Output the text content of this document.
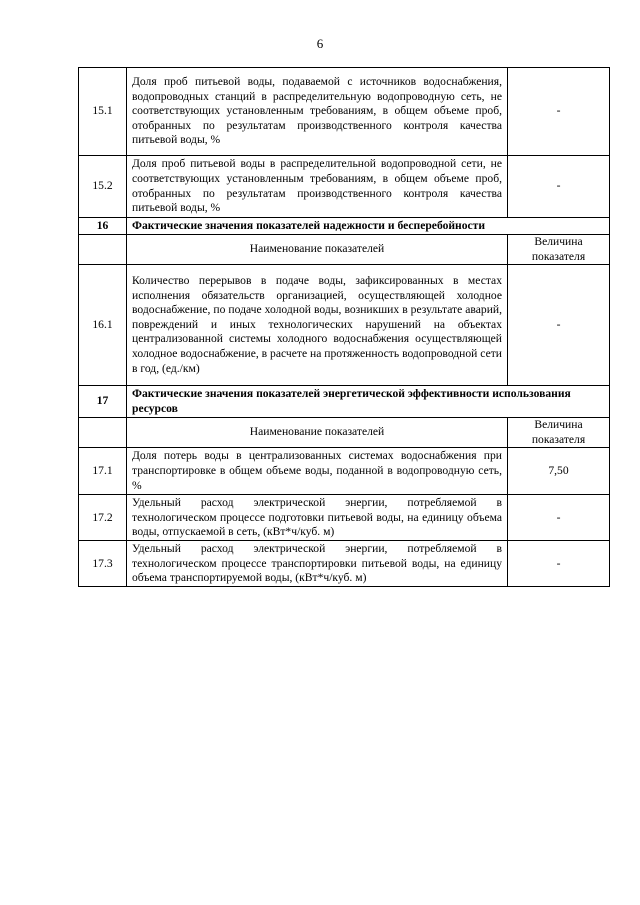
6
15.1	Доля проб питьевой воды, подаваемой с источников водоснабжения, водопроводных станций в распределительную водопроводную сеть, не соответствующих установленным требованиям, в общем объеме проб, отобранных по результатам производственного контроля качества питьевой воды, %	-
15.2	Доля проб питьевой воды в распределительной водопроводной сети, не соответствующих установленным требованиям, в общем объеме проб, отобранных по результатам производственного контроля качества питьевой воды, %	-
16	Фактические значения показателей надежности и бесперебойности	
	Наименование показателей	Величина показателя
16.1	Количество перерывов в подаче воды, зафиксированных в местах исполнения обязательств организацией, осуществляющей холодное водоснабжение, по подаче холодной воды, возникших в результате аварий, повреждений и иных технологических нарушений на объектах централизованной системы холодного водоснабжения осуществляющей холодное водоснабжение, в расчете на протяженность водопроводной сети в год, (ед./км)	-
17	Фактические значения показателей энергетической эффективности использования ресурсов	
	Наименование показателей	Величина показателя
17.1	Доля потерь воды в централизованных системах водоснабжения при транспортировке в общем объеме воды, поданной в водопроводную сеть, %	7,50
17.2	Удельный расход электрической энергии, потребляемой в технологическом процессе подготовки питьевой воды, на единицу объема воды, отпускаемой в сеть, (кВт*ч/куб. м)	-
17.3	Удельный расход электрической энергии, потребляемой в технологическом процессе транспортировки питьевой воды, на единицу объема транспортируемой воды, (кВт*ч/куб. м)	-
